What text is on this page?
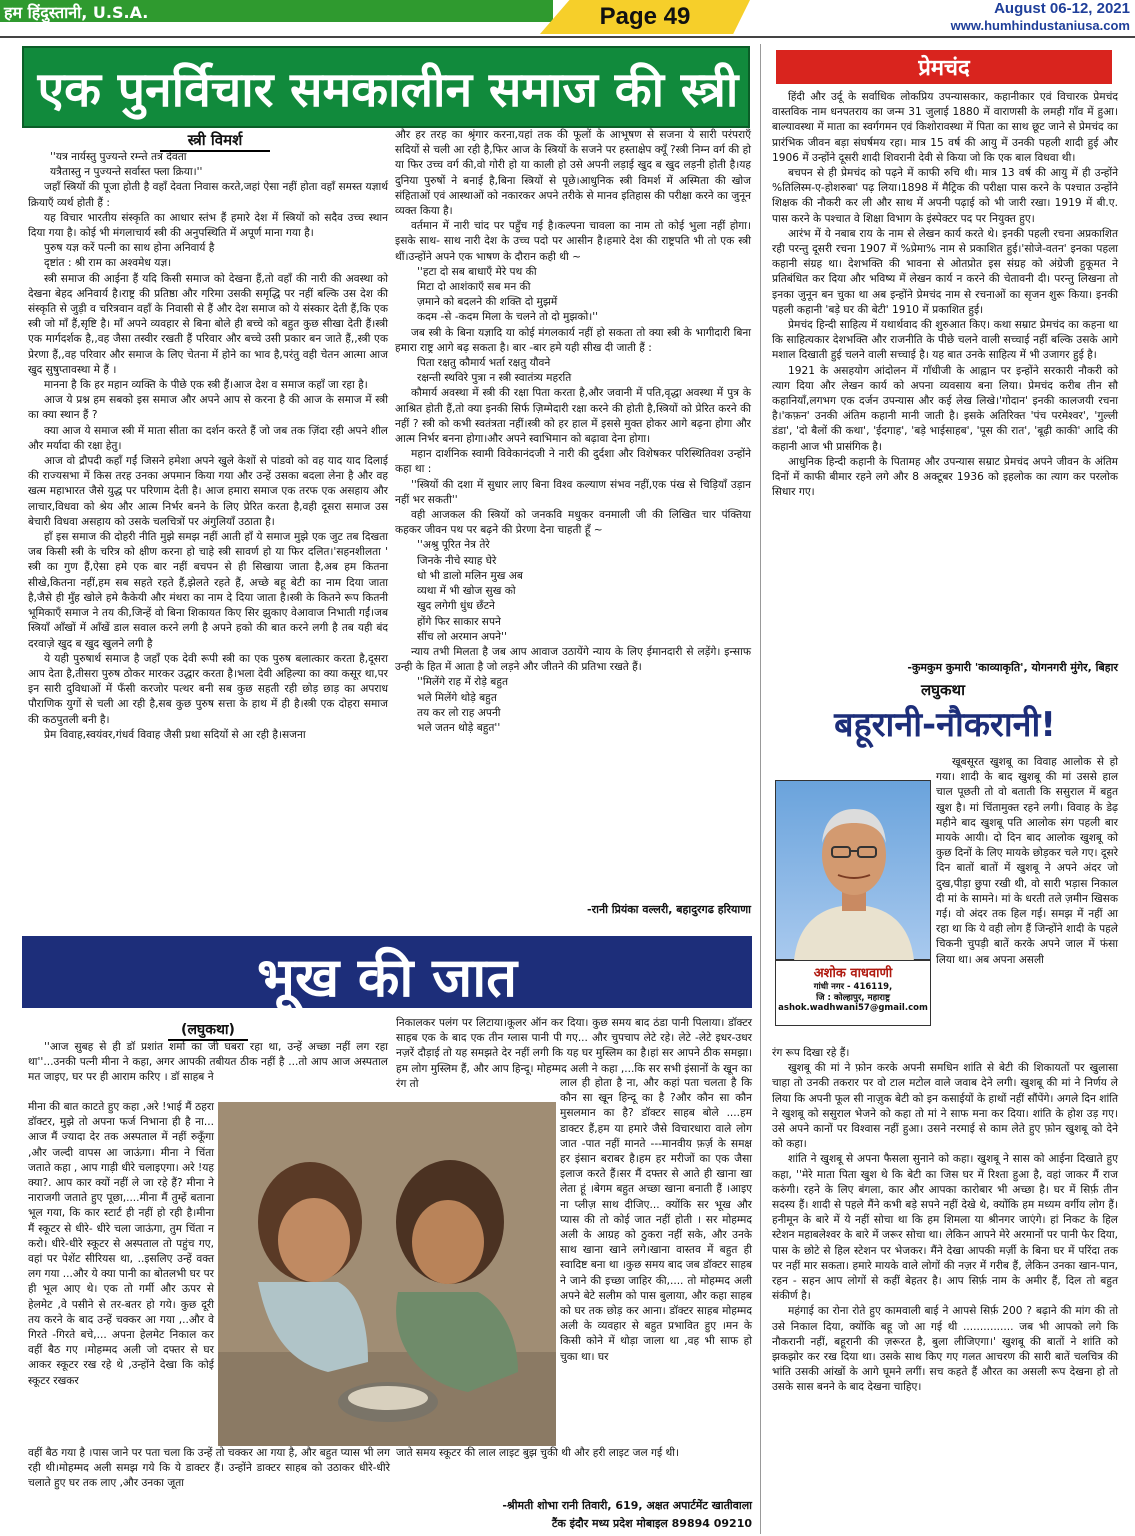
हम हिंदुस्तानी, U.S.A.	Page 49	August 06-12, 2021
www.humhindustaniusa.com
एक पुनर्विचार समकालीन समाज की स्त्री
स्त्री विमर्श

''यत्र नार्यस्तु पुज्यन्ते रम्न्ते तत्र देवता

यत्रैतास्तु न पुज्यन्ते सर्वास्त फ्ला क्रिया।''

जहाँ स्त्रियों की पूजा होती है वहाँ देवता निवास करते,जहां ऐसा नहीं होता वहाँ समस्त यज्ञार्थ क्रियाएँ व्यर्थ होती हैं :

यह विचार भारतीय संस्कृति का आधार स्तंभ हैं हमारे देश में स्त्रियों को सदैव उच्च स्थान दिया गया है। कोई भी मंगलाचार्य स्त्री की अनुपस्थिति में अपूर्ण माना गया है।

पुरुष यज्ञ करें पत्नी का साथ होना अनिवार्य है

दृष्टांत : श्री राम का अश्वमेध यज्ञ।

स्त्री समाज की आईना हैं यदि किसी समाज को देखना हैं,तो वहाँ की नारी की अवस्था को देखना बेहद अनिवार्य है।राष्ट्र की प्रतिष्ठा और गरिमा उसकी समृद्धि पर नहीं बल्कि उस देश की संस्कृति से जुड़ी व चरित्रवान वहाँ के निवासी से हैं और देश समाज को ये संस्कार देती हैं,कि एक स्त्री जो माँ हैं,सृष्टि है। माँ अपने व्यवहार से बिना बोले ही बच्चे को बहुत कुछ सीखा देती हैं।स्त्री एक मार्गदर्शक है,,वह जैसा तस्वीर रखती हैं परिवार और बच्चे उसी प्रकार बन जाते हैं,,स्त्री एक प्रेरणा हैं,,वह परिवार और समाज के लिए चेतना में होने का भाव है,परंतु वही चेतन आत्मा आज खुद सुषुप्तावस्था मे हैं ।

मानना है कि हर महान व्यक्ति के पीछे एक स्त्री हैं।आज देश व समाज कहाँ जा रहा है।

आज ये प्रश्न हम सबको इस समाज और अपने आप से करना है की आज के समाज में स्त्री का क्या स्थान हैं ?

क्या आज ये समाज स्त्री में माता सीता का दर्शन करते हैं जो जब तक ज़िंदा रही अपने शील और मर्यादा की रक्षा हेतु।

आज वो द्रौपदी कहाँ गईं जिसने हमेशा अपने खुले केशों से पांडवो को वह याद याद दिलाई की राज्यसभा में किस तरह उनका अपमान किया गया और उन्हें उसका बदला लेना है और वह खत्म महाभारत जैसे युद्ध पर परिणाम देती है। आज हमारा समाज एक तरफ एक असहाय और लाचार,विधवा को श्रेय और आत्म निर्भर बनने के लिए प्रेरित करता है,वही दूसरा समाज उस बेचारी विधवा असहाय को उसके चलचित्रों पर अंगुलियाँ उठाता है।

हाँ इस समाज की दोहरी नीति मुझे समझ नहीं आती हाँ ये समाज मुझे एक जुट तब दिखता जब किसी स्त्री के चरित्र को क्षीण करना हो चाहे स्त्री सावर्ण हो या फिर दलित।'सहनशीलता ' स्त्री का गुण हैं,ऐसा हमे एक बार नहीं बचपन से ही सिखाया जाता है,अब हम कितना सीखे,कितना नहीं,हम सब सहते रहते हैं,झेलते रहते हैं, अच्छे बहू बेटी का नाम दिया जाता है,जैसे ही मुँह खोले हमे कैकेयी और मंथरा का नाम दे दिया जाता है।स्त्री के कितने रूप कितनी भूमिकाएँ समाज ने तय की,जिन्हें वो बिना शिकायत किए सिर झुकाए वेआवाज निभाती गईं।जब स्त्रियाँ आँखों में आँखें डाल सवाल करने लगी है अपने हको की बात करने लगी है तब यही बंद दरवाज़े खुद ब खुद खुलने लगी है

ये यही पुरुषार्थ समाज है जहाँ एक देवी रूपी स्त्री का एक पुरुष बलात्कार करता है,दूसरा आप देता है,तीसरा पुरुष ठोकर मारकर उद्धार करता है।भला देवी अहिल्या का क्या कसूर था,पर इन सारी दुविधाओं में फँसी करजोर पत्थर बनी सब कुछ सहती रही छोड़ छाड़ का अपराध पौराणिक युगों से चली आ रही है,सब कुछ पुरुष सत्ता के हाथ में ही है।स्त्री एक दोहरा समाज की कठपुतली बनी है।

प्रेम विवाह,स्वयंवर,गंधर्व विवाह जैसी प्रथा सदियों से आ रही है।सजना

और हर तरह का श्रृंगार करना,यहां तक की फूलों के आभूषण से सजना ये सारी परंपराएँ सदियों से चली आ रही है,फिर आज के स्त्रियों के सजने पर हस्ताक्षेप क्यूँ ?स्त्री निम्न वर्ग की हो या फिर उच्च वर्ग की,वो गोरी हो या काली हो उसे अपनी लड़ाई खुद ब खुद लड़नी होती है।यह दुनिया पुरुषों ने बनाई है,बिना स्त्रियों से पूछे।आधुनिक स्त्री विमर्श में अस्मिता की खोज संहिताओं एवं आस्थाओं को नकारकर अपने तरीके से मानव इतिहास की परीक्षा करने का जुनून व्यक्त किया है।

वर्तमान में नारी चांद पर पहुँच गई है।कल्पना चावला का नाम तो कोई भुला नहीं होगा।इसके साथ- साथ नारी देश के उच्च पदो पर आसीन है।हमारे देश की राष्ट्रपति भी तो एक स्त्री थीं।उन्होंने अपने एक भाषण के दौरान कही थी ~

''हटा दो सब बाधाएँ मेरे पथ की

मिटा दो आशंकाएँ सब मन की

ज़माने को बदलने की शक्ति दो मुझमें

कदम -से -कदम मिला के चलने तो दो मुझको।''

जब स्त्री के बिना यज्ञादि या कोई मंगलकार्य नहीं हो सकता तो क्या स्त्री के भागीदारी बिना हमारा राष्ट्र आगे बढ़ सकता है। बार -बार हमे यही सीख दी जाती हैं :

पिता रक्षतु कौमार्य भर्ता रक्षतु यौवने

रक्षन्ती स्थविरे पुत्रा न स्त्री स्वातंत्र्य महरति

कौमार्य अवस्था में स्त्री की रक्षा पिता करता है,और जवानी में पति,वृद्धा अवस्था में पुत्र के आश्रित होती हैं,तो क्या इनकी सिर्फ ज़िम्मेदारी रक्षा करने की होती है,स्त्रियों को प्रेरित करने की नहीं ? स्त्री को कभी स्वतंत्रता नहीं।स्त्री को हर हाल में इससे मुक्त होकर आगे बढ़ना होगा और आत्म निर्भर बनना होगा।और अपने स्वाभिमान को बढ़ावा देना होगा।

महान दार्शनिक स्वामी विवेकानंदजी ने नारी की दुर्दशा और विशेषकर परिस्थितिवश उन्होंने कहा था :

''स्त्रियों की दशा में सुधार लाए बिना विश्व कल्याण संभव नहीं,एक पंख से चिड़ियाँ उड़ान नहीं भर सकती''

वही आजकल की स्त्रियों को जनकवि मधुकर वनमाली जी की लिखित चार पंक्तिया कहकर जीवन पथ पर बढ़ने की प्रेरणा देना चाहती हूँ ~

''अश्रु पूरित नेत्र तेरे

जिनके नीचे स्याह घेरे

धो भी डालो मलिन मुख अब

व्यथा में भी खोज सुख को

खुद लगेगी धुंध छँटने

होंगे फिर साकार सपने

सींच लो अरमान अपने''

न्याय तभी मिलता है जब आप आवाज उठायेंगे न्याय के लिए ईमानदारी से लड़ेंगे। इन्साफ उन्ही के हित में आता है जो लड़ने और जीतने की प्रतिभा रखते हैं।

''मिलेंगे राह में रोड़े बहुत

भले मिलेंगे थोड़े बहुत

तय कर लो राह अपनी

भले जतन थोड़े बहुत''

-रानी प्रियंका वल्लरी, बहादुरगढ हरियाणा
प्रेमचंद

हिंदी और उर्दू के सर्वाधिक लोकप्रिय उपन्यासकार, कहानीकार एवं विचारक प्रेमचंद वास्तविक नाम धनपतराय का जन्म 31 जुलाई 1880 में वाराणसी के लमही गाँव में हुआ। बाल्यावस्था में माता का स्वर्गगमन एवं किशोरावस्था में पिता का साथ छूट जाने से प्रेमचंद का प्रारंभिक जीवन बड़ा संघर्षमय रहा। मात्र 15 वर्ष की आयु में उनकी पहली शादी हुई और 1906 में उन्होंने दूसरी शादी शिवरानी देवी से किया जो कि एक बाल विधवा थी।

बचपन से ही प्रेमचंद को पढ़ने में काफी रुचि थी। मात्र 13 वर्ष की आयु में ही उन्होंने %तिलिस्म-ए-होशरुबा' पढ़ लिया।1898 में मैट्रिक की परीक्षा पास करने के पश्चात उन्होंने शिक्षक की नौकरी कर ली और साथ में अपनी पढ़ाई को भी जारी रखा। 1919 में बी.ए. पास करने के पश्चात वे शिक्षा विभाग के इंस्पेक्टर पद पर नियुक्त हुए।

आरंभ में ये नबाब राय के नाम से लेखन कार्य करते थे। इनकी पहली रचना अप्रकाशित रही परन्तु दूसरी रचना 1907 में %प्रेमा% नाम से प्रकाशित हुई।'सोजे-वतन' इनका पहला कहानी संग्रह था। देशभक्ति की भावना से ओतप्रोत इस संग्रह को अंग्रेजी हुकूमत ने प्रतिबंधित कर दिया और भविष्य में लेखन कार्य न करने की चेतावनी दी। परन्तु लिखना तो इनका जुनून बन चुका था अब इन्होंने प्रेमचंद नाम से रचनाओं का सृजन शुरू किया। इनकी पहली कहानी 'बड़े घर की बेटी' 1910 में प्रकाशित हुई।

प्रेमचंद हिन्दी साहित्य में यथार्थवाद की शुरुआत किए। कथा सम्राट प्रेमचंद का कहना था कि साहित्यकार देशभक्ति और राजनीति के पीछे चलने वाली सच्चाई नहीं बल्कि उसके आगे मशाल दिखाती हुई चलने वाली सच्चाई है। यह बात उनके साहित्य में भी उजागर हुई है।

1921 के असहयोग आंदोलन में गाँधीजी के आह्वान पर इन्होंने सरकारी नौकरी को त्याग दिया और लेखन कार्य को अपना व्यवसाय बना लिया। प्रेमचंद करीब तीन सौ कहानियाँ,लगभग एक दर्जन उपन्यास और कई लेख लिखे।'गोदान' इनकी कालजयी रचना है।'कफ़न' उनकी अंतिम कहानी मानी जाती है। इसके अतिरिक्त 'पंच परमेश्वर', 'गुल्ली डंडा', 'दो बैलों की कथा', 'ईदगाह', 'बड़े भाईसाहब', 'पूस की रात', 'बूढ़ी काकी' आदि की कहानी आज भी प्रासंगिक है।

आधुनिक हिन्दी कहानी के पितामह और उपन्यास सम्राट प्रेमचंद अपने जीवन के अंतिम दिनों में काफी बीमार रहने लगे और 8 अक्टूबर 1936 को इहलोक का त्याग कर परलोक सिधार गए।

-कुमकुम कुमारी 'काव्याकृति', योगनगरी मुंगेर, बिहार
लघुकथा
बहूरानी-नौकरानी!
अशोक वाधवाणी
गांधी नगर - 416119,
जि : कोल्हापुर, महाराष्ट्र
ashok.wadhwani57@gmail.com

खूबसूरत खुशबू का विवाह आलोक से हो गया। शादी के बाद खुशबू की मां उससे हाल चाल पूछती तो वो बताती कि ससुराल में बहुत खुश है। मां चिंतामुक्त रहने लगी। विवाह के डेढ़ महीने बाद खुशबू पति आलोक संग पहली बार मायके आयी। दो दिन बाद आलोक खुशबू को कुछ दिनों के लिए मायके छोड़कर चले गए। दूसरे दिन बातों बातों में खुशबू ने अपने अंदर जो दुख,पीड़ा छुपा रखी थी, वो सारी भड़ास निकाल दी मां के सामने। मां के धरती तले ज़मीन खिसक गई। वो अंदर तक हिल गई। समझ में नहीं आ रहा था कि ये वही लोग हैं जिन्होंने शादी के पहले चिकनी चुपड़ी बातें करके अपने जाल में फंसा लिया था। अब अपना असली

रंग रूप दिखा रहे हैं।

खुशबू की मां ने फ़ोन करके अपनी समधिन शांति से बेटी की शिकायतों पर खुलासा चाहा तो उनकी तकरार पर वो टाल मटोल वाले जवाब देने लगी। खुशबू की मां ने निर्णय ले लिया कि अपनी फूल सी नाज़ुक बेटी को इन कसाईयों के हाथों नहीं सौंपेंगे। अगले दिन शांति ने खुशबू को ससुराल भेजने को कहा तो मां ने साफ मना कर दिया। शांति के होश उड़ गए। उसे अपने कानों पर विश्वास नहीं हुआ। उसने नरमाई से काम लेते हुए फ़ोन खुशबू को देने को कहा।

शांति ने खुशबू से अपना फैसला सुनाने को कहा। खुशबू ने सास को आईना दिखाते हुए कहा, ''मेरे माता पिता खुश थे कि बेटी का जिस घर में रिश्ता हुआ है, वहां जाकर मैं राज करुंगी। रहने के लिए बंगला, कार और आपका कारोबार भी अच्छा है। घर में सिर्फ़ तीन सदस्य हैं। शादी से पहले मैंने कभी बड़े सपने नहीं देखे थे, क्योंकि हम मध्यम वर्गीय लोग हैं। हनीमून के बारे में ये नहीं सोचा था कि हम शिमला या श्रीनगर जाएंगे। हां निकट के हिल स्टेशन महाबलेश्वर के बारे में जरूर सोचा था। लेकिन आपने मेरे अरमानों पर पानी फेर दिया, पास के छोटे से हिल स्टेशन पर भेजकर। मैंने देखा आपकी मर्ज़ी के बिना घर में परिंदा तक पर नहीं मार सकता। हमारे मायके वाले लोगों की नज़र में गरीब हैं, लेकिन उनका खान-पान, रहन - सहन आप लोगों से कहीं बेहतर है। आप सिर्फ़ नाम के अमीर हैं, दिल तो बहुत संकीर्ण है।

महंगाई का रोना रोते हुए कामवाली बाई ने आपसे सिर्फ़ 200 ? बढ़ाने की मांग की तो उसे निकाल दिया, क्योंकि बहू जो आ गई थी ............... जब भी आपको लगे कि नौकरानी नहीं, बहूरानी की ज़रूरत है, बुला लीजिएगा।' खुशबू की बातों ने शांति को झकझोर कर रख दिया था। उसके साथ किए गए गलत आचरण की सारी बातें चलचित्र की भांति उसकी आंखों के आगे घूमने लगीं। सच कहते हैं औरत का असली रूप देखना हो तो उसके सास बनने के बाद देखना चाहिए।

भूख की जात
(लघुकथा)

''आज सुबह से ही डॉ प्रशांत शर्मा का जी घबरा रहा था, उन्हें अच्छा नहीं लग रहा था''...उनकी पत्नी मीना ने कहा, अगर आपकी तबीयत ठीक नहीं है ...तो आप आज अस्पताल मत जाइए, घर पर ही आराम करिए । डॉ साहब ने

मीना की बात काटते हुए कहा ,अरे !भाई मैं ठहरा डॉक्टर, मुझे तो अपना फर्ज निभाना ही है ना... आज मैं ज्यादा देर तक अस्पताल में नहीं रुकूँगा ,और जल्दी वापस आ जाऊंगा। मीना ने चिंता जताते कहा , आप गाड़ी धीरे चलाइएगा। अरे !यह क्या?. आप कार क्यों नहीं ले जा रहे हैं? मीना ने नाराजगी जताते हुए पूछा,....मीना मैं तुम्हें बताना भूल गया, कि कार स्टार्ट ही नहीं हो रही है।मीना मैं स्कूटर से धीरे- धीरे चला जाऊंगा, तुम चिंता न करो। धीरे-धीरे स्कूटर से अस्पताल तो पहुंच गए, वहां पर पेशेंट सीरियस था, ..इसलिए उन्हें वक्त लग गया ...और ये क्या पानी का बोतलभी घर पर ही भूल आए थे। एक तो गर्मी और ऊपर से हेलमेट ,वे पसीने से तर-बतर हो गये। कुछ दूरी तय करने के बाद उन्हें चक्कर आ गया ,..और वे गिरते -गिरते बचे,... अपना हेलमेट निकाल कर वहीं बैठ गए ।मोहम्मद अली जो दफ्तर से घर आकर स्कूटर रख रहे थे ,उन्होंने देखा कि कोई स्कूटर रखकर

निकालकर पलंग पर लिटाया।कूलर ऑन कर दिया। कुछ समय बाद ठंडा पानी पिलाया। डॉक्टर साहब एक के बाद एक तीन ग्लास पानी पी गए... और चुपचाप लेटे रहे। लेटे -लेटे इधर-उधर नज़रें दौड़ाई तो यह समझते देर नहीं लगी कि यह घर मुस्लिम का है।हां सर आपने ठीक समझा। हम लोग मुस्लिम हैं, और आप हिन्दू। मोहम्मद अली ने कहा ,...कि सर सभी इंसानों के खून का रंग तो	लाल ही होता है ना, और कहां पता चलता है कि कौन सा खून हिन्दू का है ?और कौन सा कौन मुसलमान का है? डॉक्टर साहब बोले ....हम डाक्टर हैं,हम या हमारे जैसे विचारधारा वाले लोग जात -पात नहीं मानते ---मानवीय फ़र्ज़ के समक्ष हर इंसान बराबर है।हम हर मरीजों का एक जैसा इलाज करते हैं।सर मैं दफ्तर से आते ही खाना खा लेता हूं ।बेगम बहुत अच्छा खाना बनाती हैं ।आइए ना प्लीज़ साथ दीजिए... क्योंकि सर भूख और प्यास की तो कोई जात नहीं होती । सर मोहम्मद अली के आग्रह को ठुकरा नहीं सके, और उनके साथ खाना खाने लगे।खाना वास्तव में बहुत ही स्वादिष्ट बना था ।कुछ समय बाद जब डॉक्टर साहब ने जाने की इच्छा जाहिर की,.... तो मोहम्मद अली अपने बेटे सलीम को पास बुलाया, और कहा साहब को घर तक छोड़ कर आना। डॉक्टर साहब मोहम्मद अली के व्यवहार से बहुत प्रभावित हुए ।मन के किसी कोने में थोड़ा जाला था ,वह भी साफ हो चुका था। घर

वहीं बैठ गया है ।पास जाने पर पता चला कि उन्हें तो चक्कर आ गया है, और बहुत प्यास भी लग रही थी।मोहम्मद अली समझ गये कि ये डाक्टर हैं। उन्होंने डाक्टर साहब को उठाकर धीरे-धीरे चलाते हुए घर तक लाए ,और उनका जूता

जाते समय स्कूटर की लाल लाइट बुझ चुकी थी और हरी लाइट जल गई थी।

-श्रीमती शोभा रानी तिवारी, 619, अक्षत अपार्टमेंट खातीवाला
टैंक इंदौर मध्य प्रदेश मोबाइल 89894 09210
